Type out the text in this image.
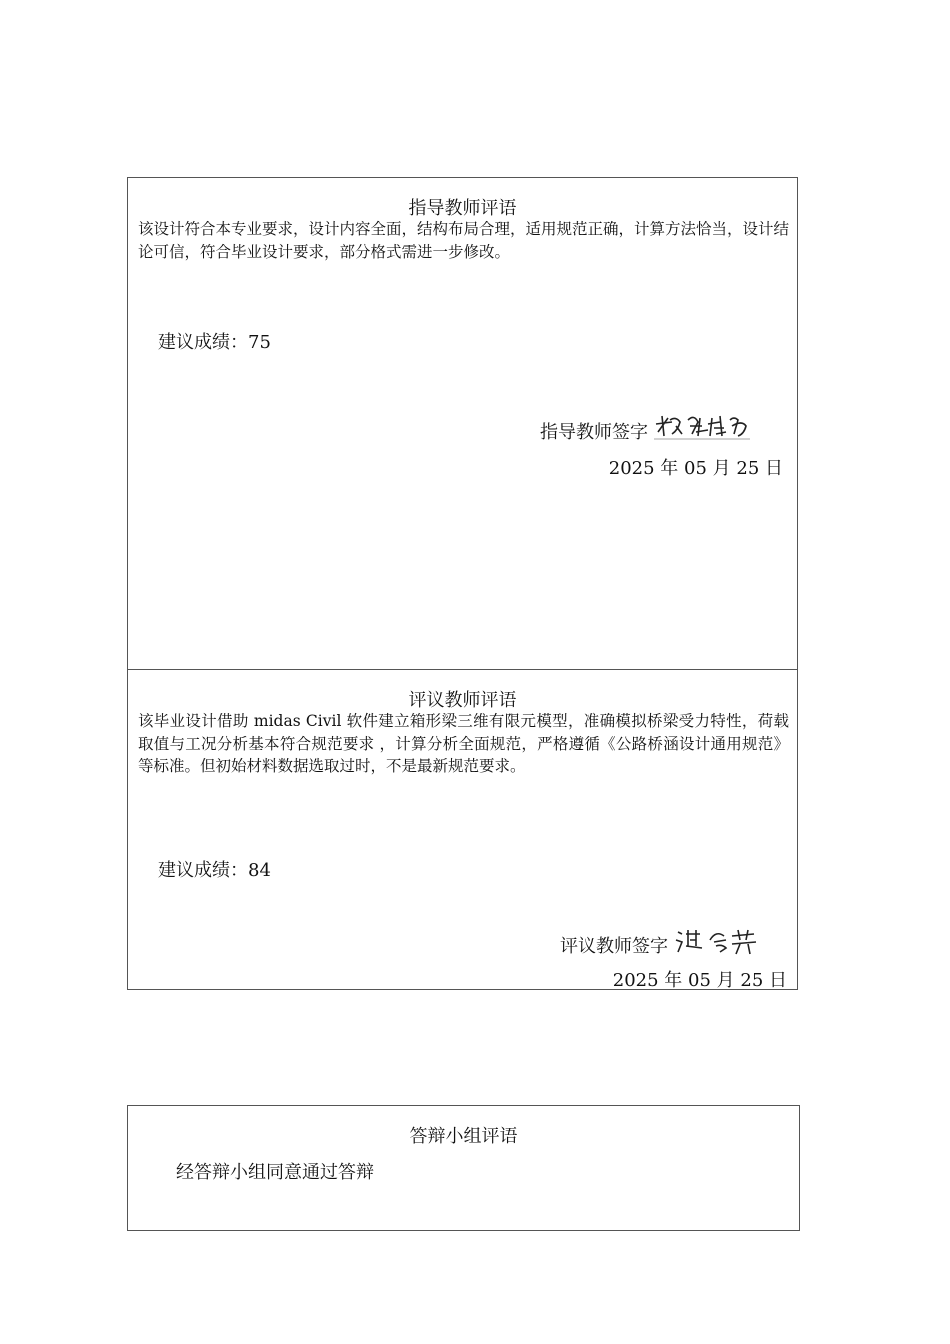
指导教师评语
该设计符合本专业要求，设计内容全面，结构布局合理，适用规范正确，计算方法恰当，设计结论可信，符合毕业设计要求，部分格式需进一步修改。
建议成绩：75
指导教师签字
2025 年 05 月 25 日
评议教师评语
该毕业设计借助 midas Civil 软件建立箱形梁三维有限元模型，准确模拟桥梁受力特性，荷载取值与工况分析基本符合规范要求 ，计算分析全面规范，严格遵循《公路桥涵设计通用规范》等标准。但初始材料数据选取过时，不是最新规范要求。
建议成绩：84
评议教师签字
2025 年 05 月 25 日
答辩小组评语
经答辩小组同意通过答辩
